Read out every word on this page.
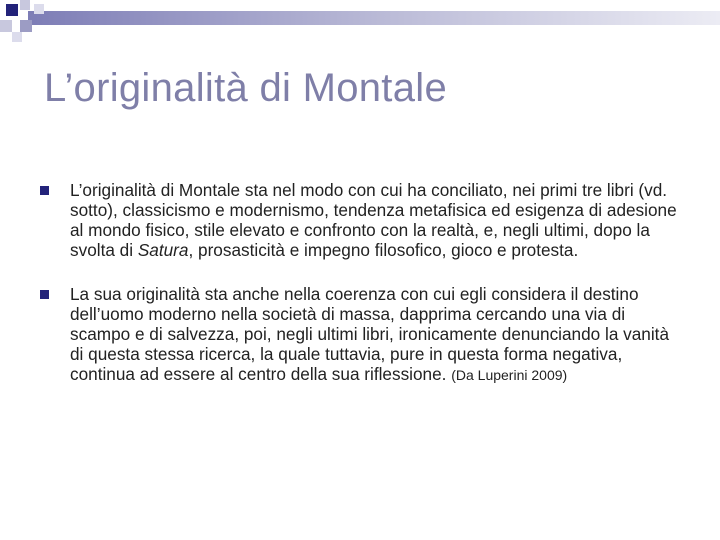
L’originalità di Montale
L’originalità di Montale sta nel modo con cui ha conciliato, nei primi tre libri (vd. sotto), classicismo e modernismo, tendenza metafisica ed esigenza di adesione al mondo fisico, stile elevato e confronto con la realtà, e, negli ultimi, dopo la svolta di Satura, prosasticità e impegno filosofico, gioco e protesta.
La sua originalità sta anche nella coerenza con cui egli considera il destino dell’uomo moderno nella società di massa, dapprima cercando una via di scampo e di salvezza, poi, negli ultimi libri, ironicamente denunciando la vanità di questa stessa ricerca, la quale tuttavia, pure in questa forma negativa, continua ad essere al centro della sua riflessione. (Da Luperini 2009)
